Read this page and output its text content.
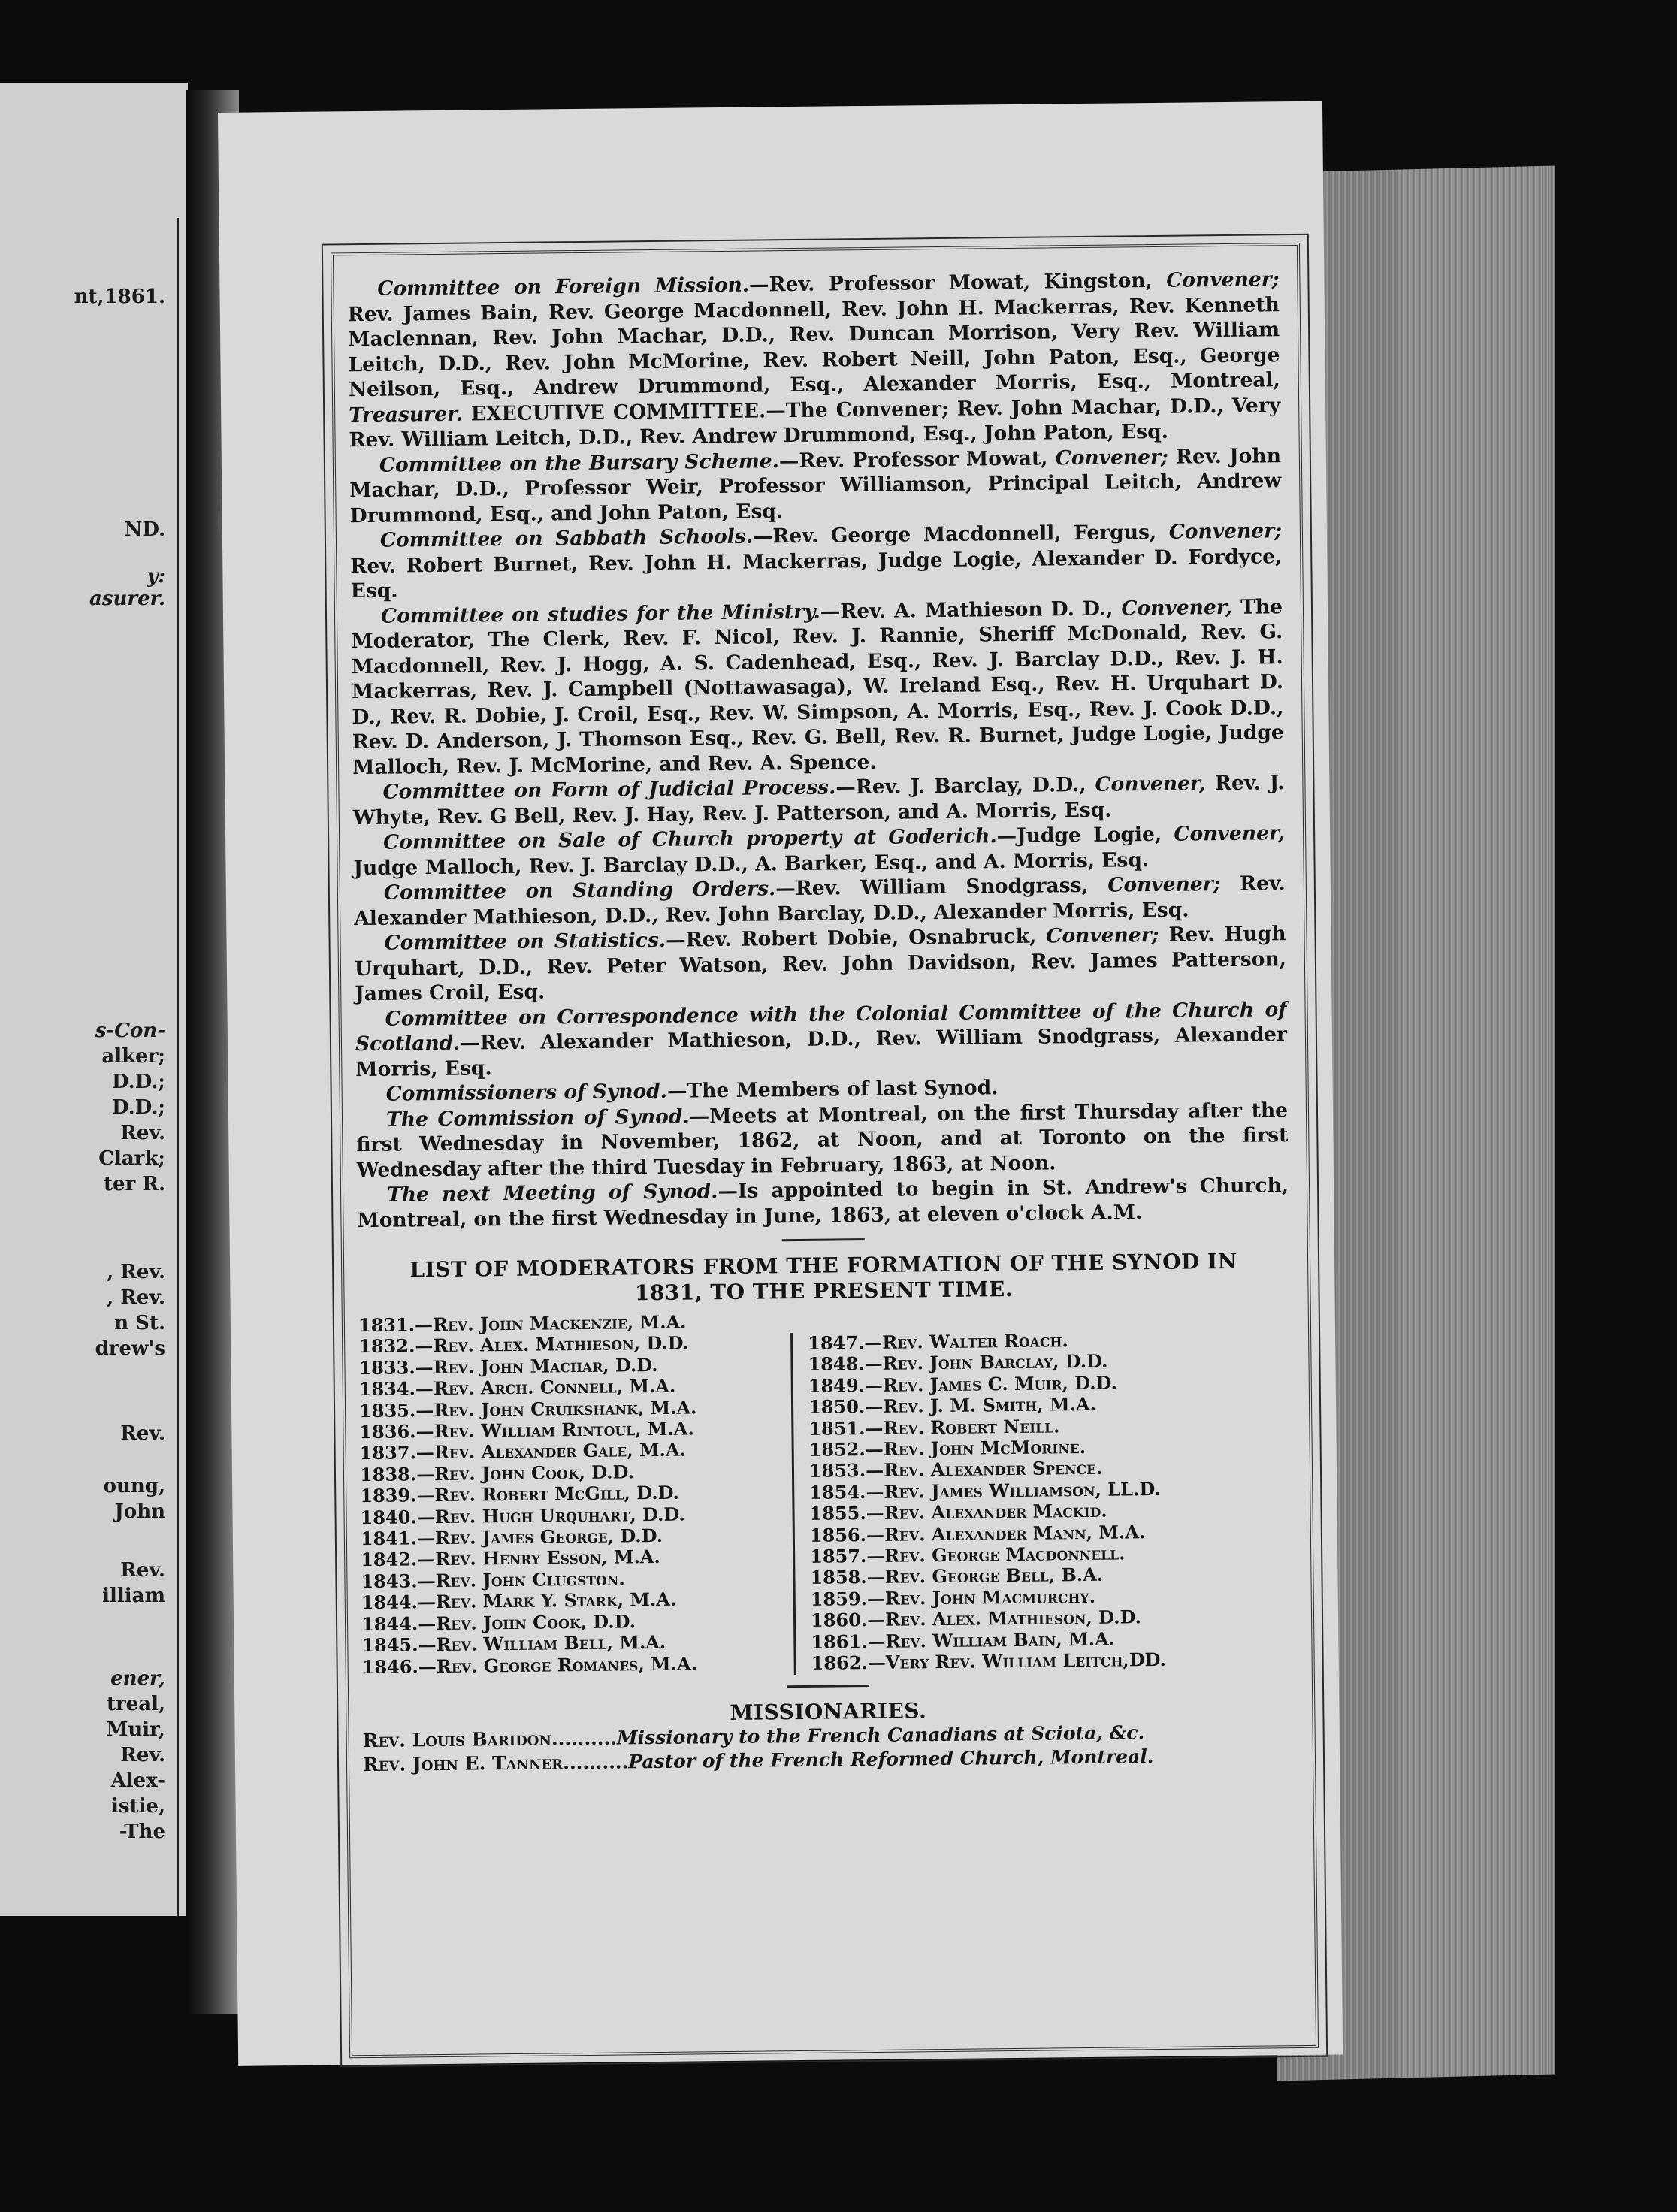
nt,1861.
ND.
y:
asurer.
s-Con-
alker;
D.D.;
D.D.;
Rev.
Clark;
ter R.
, Rev.
, Rev.
n St.
drew's
Rev.
oung,
John
Rev.
illiam
ener,
treal,
Muir,
Rev.
Alex-
istie,
-The

Committee on Foreign Mission.—Rev. Professor Mowat, Kingston, Convener; Rev. James Bain, Rev. George Macdonnell, Rev. John H. Mackerras, Rev. Kenneth Maclennan, Rev. John Machar, D.D., Rev. Duncan Morrison, Very Rev. William Leitch, D.D., Rev. John McMorine, Rev. Robert Neill, John Paton, Esq., George Neilson, Esq., Andrew Drummond, Esq., Alexander Morris, Esq., Montreal, Treasurer. EXECUTIVE COMMITTEE.—The Convener; Rev. John Machar, D.D., Very Rev. William Leitch, D.D., Rev. Andrew Drummond, Esq., John Paton, Esq.

Committee on the Bursary Scheme.—Rev. Professor Mowat, Convener; Rev. John Machar, D.D., Professor Weir, Professor Williamson, Principal Leitch, Andrew Drummond, Esq., and John Paton, Esq.

Committee on Sabbath Schools.—Rev. George Macdonnell, Fergus, Convener; Rev. Robert Burnet, Rev. John H. Mackerras, Judge Logie, Alexander D. Fordyce, Esq.

Committee on studies for the Ministry.—Rev. A. Mathieson D. D., Convener, The Moderator, The Clerk, Rev. F. Nicol, Rev. J. Rannie, Sheriff McDonald, Rev. G. Macdonnell, Rev. J. Hogg, A. S. Cadenhead, Esq., Rev. J. Barclay D.D., Rev. J. H. Mackerras, Rev. J. Campbell (Nottawasaga), W. Ireland Esq., Rev. H. Urquhart D. D., Rev. R. Dobie, J. Croil, Esq., Rev. W. Simpson, A. Morris, Esq., Rev. J. Cook D.D., Rev. D. Anderson, J. Thomson Esq., Rev. G. Bell, Rev. R. Burnet, Judge Logie, Judge Malloch, Rev. J. McMorine, and Rev. A. Spence.

Committee on Form of Judicial Process.—Rev. J. Barclay, D.D., Convener, Rev. J. Whyte, Rev. G Bell, Rev. J. Hay, Rev. J. Patterson, and A. Morris, Esq.

Committee on Sale of Church property at Goderich.—Judge Logie, Convener, Judge Malloch, Rev. J. Barclay D.D., A. Barker, Esq., and A. Morris, Esq.

Committee on Standing Orders.—Rev. William Snodgrass, Convener; Rev. Alexander Mathieson, D.D., Rev. John Barclay, D.D., Alexander Morris, Esq.

Committee on Statistics.—Rev. Robert Dobie, Osnabruck, Convener; Rev. Hugh Urquhart, D.D., Rev. Peter Watson, Rev. John Davidson, Rev. James Patterson, James Croil, Esq.

Committee on Correspondence with the Colonial Committee of the Church of Scotland.—Rev. Alexander Mathieson, D.D., Rev. William Snodgrass, Alexander Morris, Esq.

Commissioners of Synod.—The Members of last Synod.

The Commission of Synod.—Meets at Montreal, on the first Thursday after the first Wednesday in November, 1862, at Noon, and at Toronto on the first Wednesday after the third Tuesday in February, 1863, at Noon.

The next Meeting of Synod.—Is appointed to begin in St. Andrew's Church, Montreal, on the first Wednesday in June, 1863, at eleven o'clock A.M.

LIST OF MODERATORS FROM THE FORMATION OF THE SYNOD IN 1831, TO THE PRESENT TIME.
1831.—Rev. John Mackenzie, M.A.
1832.—Rev. Alex. Mathieson, D.D.
1833.—Rev. John Machar, D.D.
1834.—Rev. Arch. Connell, M.A.
1835.—Rev. John Cruikshank, M.A.
1836.—Rev. William Rintoul, M.A.
1837.—Rev. Alexander Gale, M.A.
1838.—Rev. John Cook, D.D.
1839.—Rev. Robert McGill, D.D.
1840.—Rev. Hugh Urquhart, D.D.
1841.—Rev. James George, D.D.
1842.—Rev. Henry Esson, M.A.
1843.—Rev. John Clugston.
1844.—Rev. Mark Y. Stark, M.A.
1844.—Rev. John Cook, D.D.
1845.—Rev. William Bell, M.A.
1846.—Rev. George Romanes, M.A.
1847.—Rev. Walter Roach.
1848.—Rev. John Barclay, D.D.
1849.—Rev. James C. Muir, D.D.
1850.—Rev. J. M. Smith, M.A.
1851.—Rev. Robert Neill.
1852.—Rev. John McMorine.
1853.—Rev. Alexander Spence.
1854.—Rev. James Williamson, LL.D.
1855.—Rev. Alexander Mackid.
1856.—Rev. Alexander Mann, M.A.
1857.—Rev. George Macdonnell.
1858.—Rev. George Bell, B.A.
1859.—Rev. John Macmurchy.
1860.—Rev. Alex. Mathieson, D.D.
1861.—Rev. William Bain, M.A.
1862.—Very Rev. William Leitch,DD.
MISSIONARIES.
Rev. Louis Baridon .......... Missionary to the French Canadians at Sciota, &c.
Rev. John E. Tanner .......... Pastor of the French Reformed Church, Montreal.
